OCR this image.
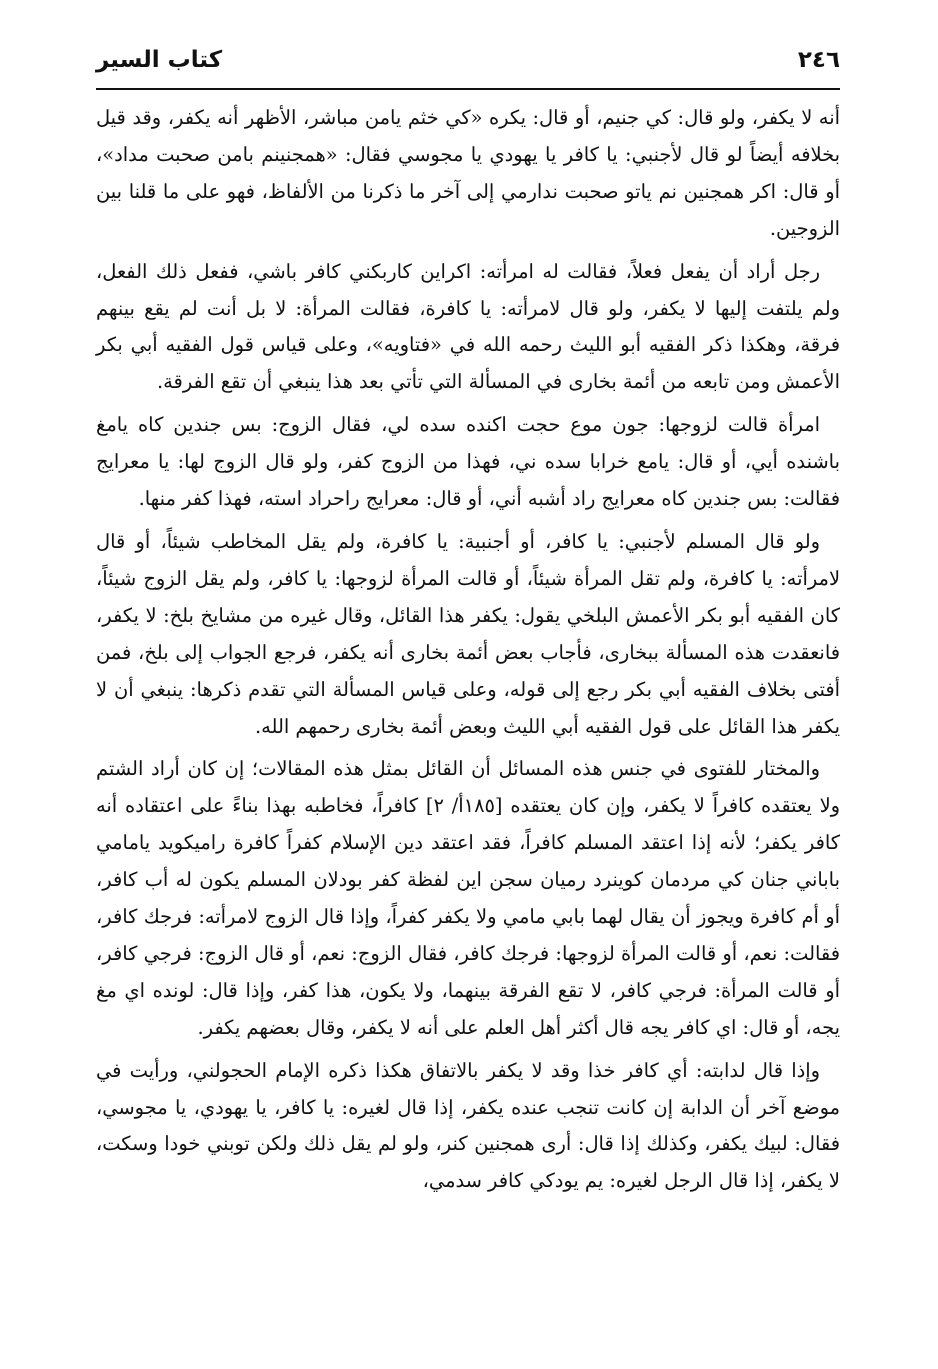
٢٤٦
كتاب السير

أنه لا يكفر، ولو قال: كي جنيم، أو قال: يكره «كي خثم يامن مباشر، الأظهر أنه يكفر، وقد قيل بخلافه أيضاً لو قال لأجنبي: يا كافر يا يهودي يا مجوسي فقال: «همجنينم بامن صحبت مداد»، أو قال: اكر همجنين نم ياتو صحبت ندارمي إلى آخر ما ذكرنا من الألفاظ، فهو على ما قلنا بين الزوجين.

رجل أراد أن يفعل فعلاً، فقالت له امرأته: اكراين كاربكني كافر باشي، ففعل ذلك الفعل، ولم يلتفت إليها لا يكفر، ولو قال لامرأته: يا كافرة، فقالت المرأة: لا بل أنت لم يقع بينهم فرقة، وهكذا ذكر الفقيه أبو الليث رحمه الله في «فتاويه»، وعلى قياس قول الفقيه أبي بكر الأعمش ومن تابعه من أئمة بخارى في المسألة التي تأتي بعد هذا ينبغي أن تقع الفرقة.

امرأة قالت لزوجها: جون موع حجت اكنده سده لي، فقال الزوج: بس جندين كاه يامغ باشنده أيي، أو قال: يامع خرابا سده ني، فهذا من الزوج كفر، ولو قال الزوج لها: يا معرايج فقالت: بس جندين كاه معرايج راد أشبه أني، أو قال: معرايج راحراد استه، فهذا كفر منها.

ولو قال المسلم لأجنبي: يا كافر، أو أجنبية: يا كافرة، ولم يقل المخاطب شيئاً، أو قال لامرأته: يا كافرة، ولم تقل المرأة شيئاً، أو قالت المرأة لزوجها: يا كافر، ولم يقل الزوج شيئاً، كان الفقيه أبو بكر الأعمش البلخي يقول: يكفر هذا القائل، وقال غيره من مشايخ بلخ: لا يكفر، فانعقدت هذه المسألة ببخارى، فأجاب بعض أئمة بخارى أنه يكفر، فرجع الجواب إلى بلخ، فمن أفتى بخلاف الفقيه أبي بكر رجع إلى قوله، وعلى قياس المسألة التي تقدم ذكرها: ينبغي أن لا يكفر هذا القائل على قول الفقيه أبي الليث وبعض أئمة بخارى رحمهم الله.

والمختار للفتوى في جنس هذه المسائل أن القائل بمثل هذه المقالات؛ إن كان أراد الشتم ولا يعتقده كافراً لا يكفر، وإن كان يعتقده [١٨٥أ/ ٢] كافراً، فخاطبه بهذا بناءً على اعتقاده أنه كافر يكفر؛ لأنه إذا اعتقد المسلم كافراً، فقد اعتقد دين الإسلام كفراً كافرة راميكويد يامامي باباني جنان كي مردمان كوينرد رميان سجن اين لفظة كفر بودلان المسلم يكون له أب كافر، أو أم كافرة ويجوز أن يقال لهما بابي مامي ولا يكفر كفراً، وإذا قال الزوج لامرأته: فرجك كافر، فقالت: نعم، أو قالت المرأة لزوجها: فرجك كافر، فقال الزوج: نعم، أو قال الزوج: فرجي كافر، أو قالت المرأة: فرجي كافر، لا تقع الفرقة بينهما، ولا يكون، هذا كفر، وإذا قال: لونده اي مغ يجه، أو قال: اي كافر يجه قال أكثر أهل العلم على أنه لا يكفر، وقال بعضهم يكفر.

وإذا قال لدابته: أي كافر خذا وقد لا يكفر بالاتفاق هكذا ذكره الإمام الحجولني، ورأيت في موضع آخر أن الدابة إن كانت تنجب عنده يكفر، إذا قال لغيره: يا كافر، يا يهودي، يا مجوسي، فقال: لبيك يكفر، وكذلك إذا قال: أرى همجنين كنر، ولو لم يقل ذلك ولكن توبني خودا وسكت، لا يكفر، إذا قال الرجل لغيره: يم يودكي كافر سدمي،
